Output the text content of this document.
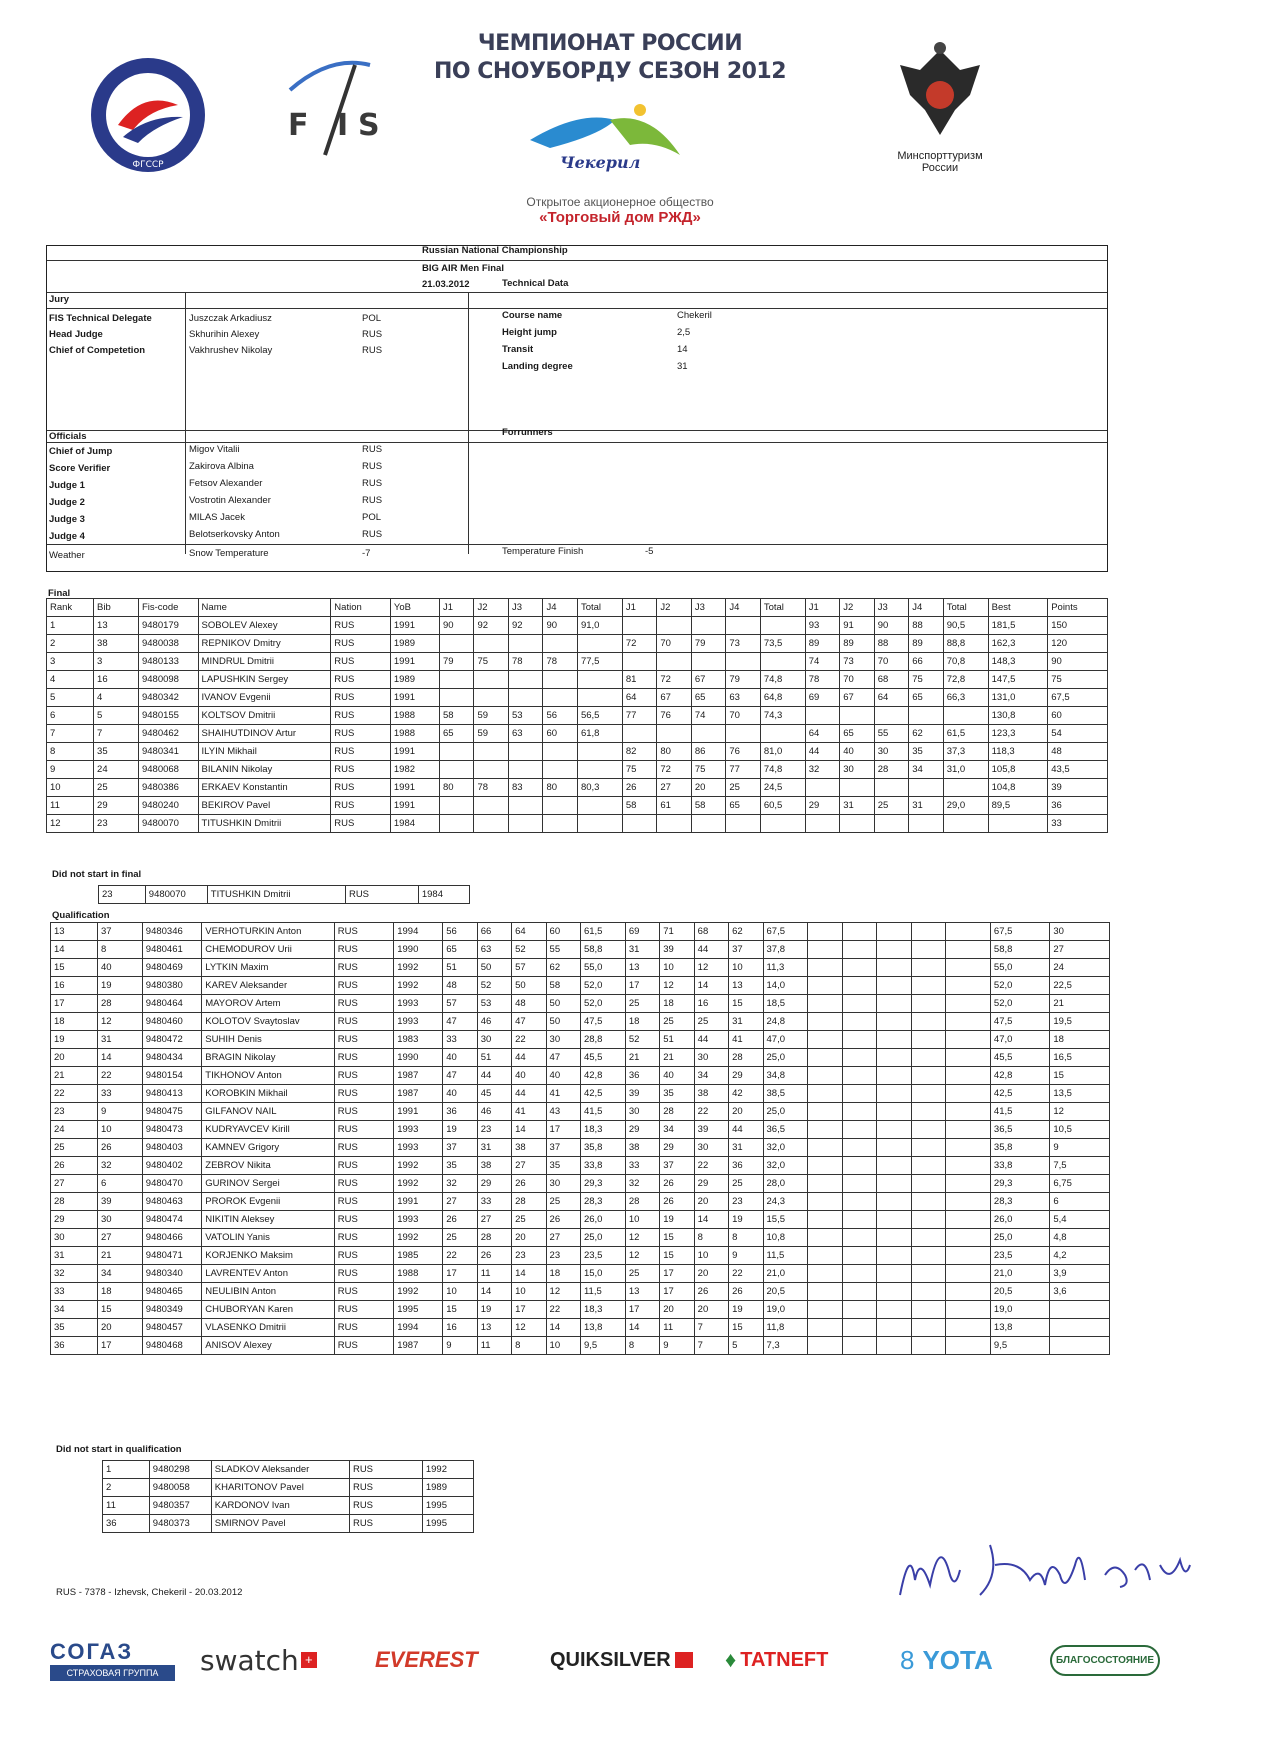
ЧЕМПИОНАТ РОССИИ
ПО СНОУБОРДУ СЕЗОН 2012
ФГССР
F I S
Чекерил	Минспорттуризм России
Открытое акционерное общество
«Торговый дом РЖД»
Russian National Championship
BIG AIR Men Final
21.03.2012
Jury
Technical Data
FIS Technical Delegate	Juszczak Arkadiusz	POL
Head Judge	Skhurihin Alexey	RUS
Chief of Competetion	Vakhrushev Nikolay	RUS
Course name	Chekeril
Height jump	2,5
Transit	14
Landing degree	31
Officials	Forrunners
Chief of Jump	Migov Vitalii	RUS
Score Verifier	Zakirova Albina	RUS
Judge 1	Fetsov Alexander	RUS
Judge 2	Vostrotin Alexander	RUS
Judge 3	MILAS Jacek	POL
Judge 4	Belotserkovsky Anton	RUS
Weather	Snow Temperature	-7	Temperature Finish	-5
Final
Rank	Bib	Fis-code	Name	Nation	YoB	J1	J2	J3	J4	Total	J1	J2	J3	J4	Total	J1	J2	J3	J4	Total	Best	Points
1	13	9480179	SOBOLEV Alexey	RUS	1991	90	92	92	90	91,0						93	91	90	88	90,5	181,5	150
2	38	9480038	REPNIKOV Dmitry	RUS	1989						72	70	79	73	73,5	89	89	88	89	88,8	162,3	120
3	3	9480133	MINDRUL Dmitrii	RUS	1991	79	75	78	78	77,5						74	73	70	66	70,8	148,3	90
4	16	9480098	LAPUSHKIN Sergey	RUS	1989						81	72	67	79	74,8	78	70	68	75	72,8	147,5	75
5	4	9480342	IVANOV Evgenii	RUS	1991						64	67	65	63	64,8	69	67	64	65	66,3	131,0	67,5
6	5	9480155	KOLTSOV Dmitrii	RUS	1988	58	59	53	56	56,5	77	76	74	70	74,3						130,8	60
7	7	9480462	SHAIHUTDINOV Artur	RUS	1988	65	59	63	60	61,8						64	65	55	62	61,5	123,3	54
8	35	9480341	ILYIN Mikhail	RUS	1991						82	80	86	76	81,0	44	40	30	35	37,3	118,3	48
9	24	9480068	BILANIN Nikolay	RUS	1982						75	72	75	77	74,8	32	30	28	34	31,0	105,8	43,5
10	25	9480386	ERKAEV Konstantin	RUS	1991	80	78	83	80	80,3	26	27	20	25	24,5						104,8	39
11	29	9480240	BEKIROV Pavel	RUS	1991						58	61	58	65	60,5	29	31	25	31	29,0	89,5	36
12	23	9480070	TITUSHKIN Dmitrii	RUS	1984																	33
Did not start in final
23	9480070	TITUSHKIN Dmitrii	RUS	1984
Qualification
13	37	9480346	VERHOTURKIN Anton	RUS	1994	56	66	64	60	61,5	69	71	68	62	67,5						67,5	30
14	8	9480461	CHEMODUROV Urii	RUS	1990	65	63	52	55	58,8	31	39	44	37	37,8						58,8	27
15	40	9480469	LYTKIN Maxim	RUS	1992	51	50	57	62	55,0	13	10	12	10	11,3						55,0	24
16	19	9480380	KAREV Aleksander	RUS	1992	48	52	50	58	52,0	17	12	14	13	14,0						52,0	22,5
17	28	9480464	MAYOROV Artem	RUS	1993	57	53	48	50	52,0	25	18	16	15	18,5						52,0	21
18	12	9480460	KOLOTOV Svaytoslav	RUS	1993	47	46	47	50	47,5	18	25	25	31	24,8						47,5	19,5
19	31	9480472	SUHIH Denis	RUS	1983	33	30	22	30	28,8	52	51	44	41	47,0						47,0	18
20	14	9480434	BRAGIN Nikolay	RUS	1990	40	51	44	47	45,5	21	21	30	28	25,0						45,5	16,5
21	22	9480154	TIKHONOV Anton	RUS	1987	47	44	40	40	42,8	36	40	34	29	34,8						42,8	15
22	33	9480413	KOROBKIN Mikhail	RUS	1987	40	45	44	41	42,5	39	35	38	42	38,5						42,5	13,5
23	9	9480475	GILFANOV NAIL	RUS	1991	36	46	41	43	41,5	30	28	22	20	25,0						41,5	12
24	10	9480473	KUDRYAVCEV Kirill	RUS	1993	19	23	14	17	18,3	29	34	39	44	36,5						36,5	10,5
25	26	9480403	KAMNEV Grigory	RUS	1993	37	31	38	37	35,8	38	29	30	31	32,0						35,8	9
26	32	9480402	ZEBROV Nikita	RUS	1992	35	38	27	35	33,8	33	37	22	36	32,0						33,8	7,5
27	6	9480470	GURINOV Sergei	RUS	1992	32	29	26	30	29,3	32	26	29	25	28,0						29,3	6,75
28	39	9480463	PROROK Evgenii	RUS	1991	27	33	28	25	28,3	28	26	20	23	24,3						28,3	6
29	30	9480474	NIKITIN Aleksey	RUS	1993	26	27	25	26	26,0	10	19	14	19	15,5						26,0	5,4
30	27	9480466	VATOLIN Yanis	RUS	1992	25	28	20	27	25,0	12	15	8	8	10,8						25,0	4,8
31	21	9480471	KORJENKO Maksim	RUS	1985	22	26	23	23	23,5	12	15	10	9	11,5						23,5	4,2
32	34	9480340	LAVRENTEV Anton	RUS	1988	17	11	14	18	15,0	25	17	20	22	21,0						21,0	3,9
33	18	9480465	NEULIBIN Anton	RUS	1992	10	14	10	12	11,5	13	17	26	26	20,5						20,5	3,6
34	15	9480349	CHUBORYAN Karen	RUS	1995	15	19	17	22	18,3	17	20	20	19	19,0						19,0	
35	20	9480457	VLASENKO Dmitrii	RUS	1994	16	13	12	14	13,8	14	11	7	15	11,8						13,8	
36	17	9480468	ANISOV Alexey	RUS	1987	9	11	8	10	9,5	8	9	7	5	7,3						9,5	
Did not start in qualification
1	9480298	SLADKOV Aleksander	RUS	1992
2	9480058	KHARITONOV Pavel	RUS	1989
11	9480357	KARDONOV Ivan	RUS	1995
36	9480373	SMIRNOV Pavel	RUS	1995
RUS - 7378 - Izhevsk, Chekeril - 20.03.2012
СОГАЗ
СТРАХОВАЯ ГРУППА	swatch +	EVEREST	QUIKSILVER ♦ TATNEFT	8 YOTA	БЛАГОСОСТОЯНИЕ
